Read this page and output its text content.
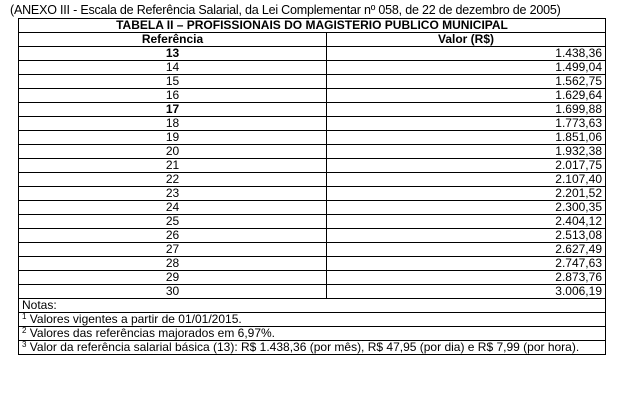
(ANEXO III - Escala de Referência Salarial, da Lei Complementar nº 058, de 22 de dezembro de 2005)
TABELA II – PROFISSIONAIS DO MAGISTERIO PUBLICO MUNICIPAL	
Referência	Valor (R$)
13	1.438,36
14	1.499,04
15	1.562,75
16	1.629,64
17	1.699,88
18	1.773,63
19	1.851,06
20	1.932,38
21	2.017,75
22	2.107,40
23	2.201,52
24	2.300,35
25	2.404,12
26	2.513,08
27	2.627,49
28	2.747,63
29	2.873,76
30	3.006,19
Notas:	
$^1$ Valores vigentes a partir de 01/01/2015.	
$^2$ Valores das referências majorados em 6,97%.	
$^3$ Valor da referência salarial básica (13): R$ 1.438,36 (por mês), R$ 47,95 (por dia) e R$ 7,99 (por hora).	
